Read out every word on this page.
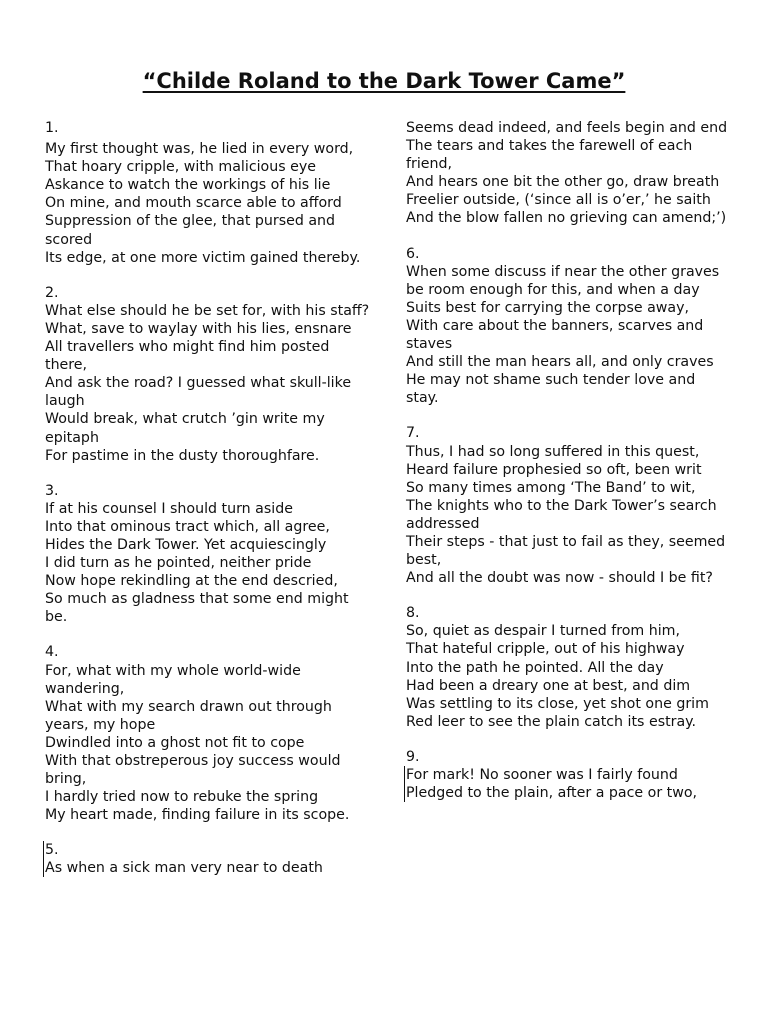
“Childe Roland to the Dark Tower Came”
1.
My first thought was, he lied in every word,
That hoary cripple, with malicious eye
Askance to watch the workings of his lie
On mine, and mouth scarce able to afford
Suppression of the glee, that pursed and scored
Its edge, at one more victim gained thereby.
2.
What else should he be set for, with his staff?
What, save to waylay with his lies, ensnare
All travellers who might find him posted there,
And ask the road? I guessed what skull-like laugh
Would break, what crutch ’gin write my epitaph
For pastime in the dusty thoroughfare.
3.
If at his counsel I should turn aside
Into that ominous tract which, all agree,
Hides the Dark Tower. Yet acquiescingly
I did turn as he pointed, neither pride
Now hope rekindling at the end descried,
So much as gladness that some end might be.
4.
For, what with my whole world-wide wandering,
What with my search drawn out through years, my hope
Dwindled into a ghost not fit to cope
With that obstreperous joy success would bring,
I hardly tried now to rebuke the spring
My heart made, finding failure in its scope.
5.
As when a sick man very near to death
Seems dead indeed, and feels begin and end
The tears and takes the farewell of each friend,
And hears one bit the other go, draw breath
Freelier outside, (‘since all is o’er,’ he saith
And the blow fallen no grieving can amend;’)
6.
When some discuss if near the other graves
be room enough for this, and when a day
Suits best for carrying the corpse away,
With care about the banners, scarves and staves
And still the man hears all, and only craves
He may not shame such tender love and stay.
7.
Thus, I had so long suffered in this quest,
Heard failure prophesied so oft, been writ
So many times among ‘The Band’ to wit,
The knights who to the Dark Tower’s search addressed
Their steps - that just to fail as they, seemed best,
And all the doubt was now - should I be fit?
8.
So, quiet as despair I turned from him,
That hateful cripple, out of his highway
Into the path he pointed. All the day
Had been a dreary one at best, and dim
Was settling to its close, yet shot one grim
Red leer to see the plain catch its estray.
9.
For mark! No sooner was I fairly found
Pledged to the plain, after a pace or two,
